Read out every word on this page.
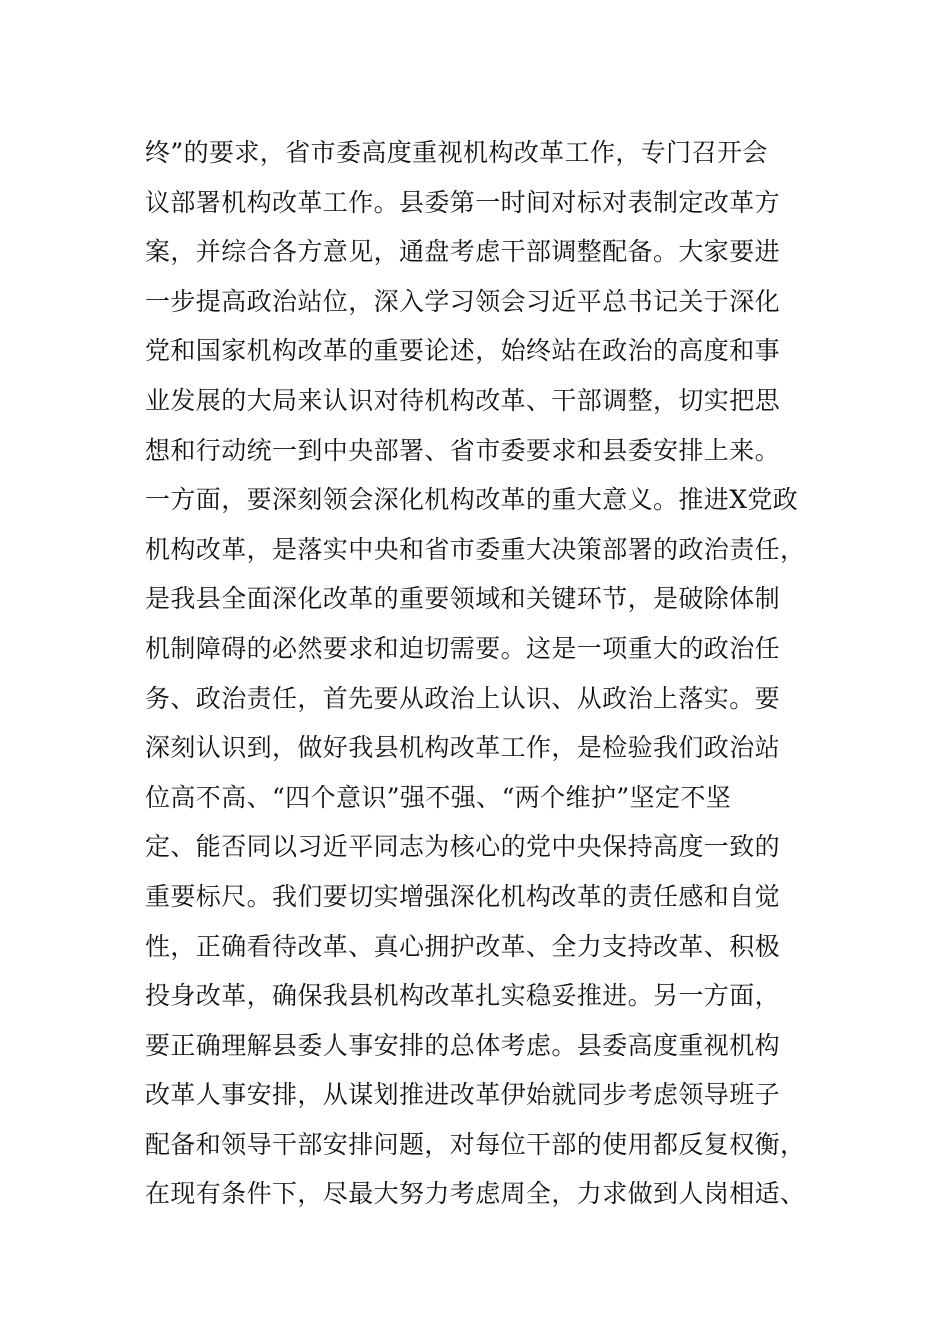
终”的要求，省市委高度重视机构改革工作，专门召开会
议部署机构改革工作。县委第一时间对标对表制定改革方
案，并综合各方意见，通盘考虑干部调整配备。大家要进
一步提高政治站位，深入学习领会习近平总书记关于深化
党和国家机构改革的重要论述，始终站在政治的高度和事
业发展的大局来认识对待机构改革、干部调整，切实把思
想和行动统一到中央部署、省市委要求和县委安排上来。
一方面，要深刻领会深化机构改革的重大意义。推进X党政
机构改革，是落实中央和省市委重大决策部署的政治责任，
是我县全面深化改革的重要领域和关键环节，是破除体制
机制障碍的必然要求和迫切需要。这是一项重大的政治任
务、政治责任，首先要从政治上认识、从政治上落实。要
深刻认识到，做好我县机构改革工作，是检验我们政治站
位高不高、“四个意识”强不强、“两个维护”坚定不坚
定、能否同以习近平同志为核心的党中央保持高度一致的
重要标尺。我们要切实增强深化机构改革的责任感和自觉
性，正确看待改革、真心拥护改革、全力支持改革、积极
投身改革，确保我县机构改革扎实稳妥推进。另一方面，
要正确理解县委人事安排的总体考虑。县委高度重视机构
改革人事安排，从谋划推进改革伊始就同步考虑领导班子
配备和领导干部安排问题，对每位干部的使用都反复权衡，
在现有条件下，尽最大努力考虑周全，力求做到人岗相适、
